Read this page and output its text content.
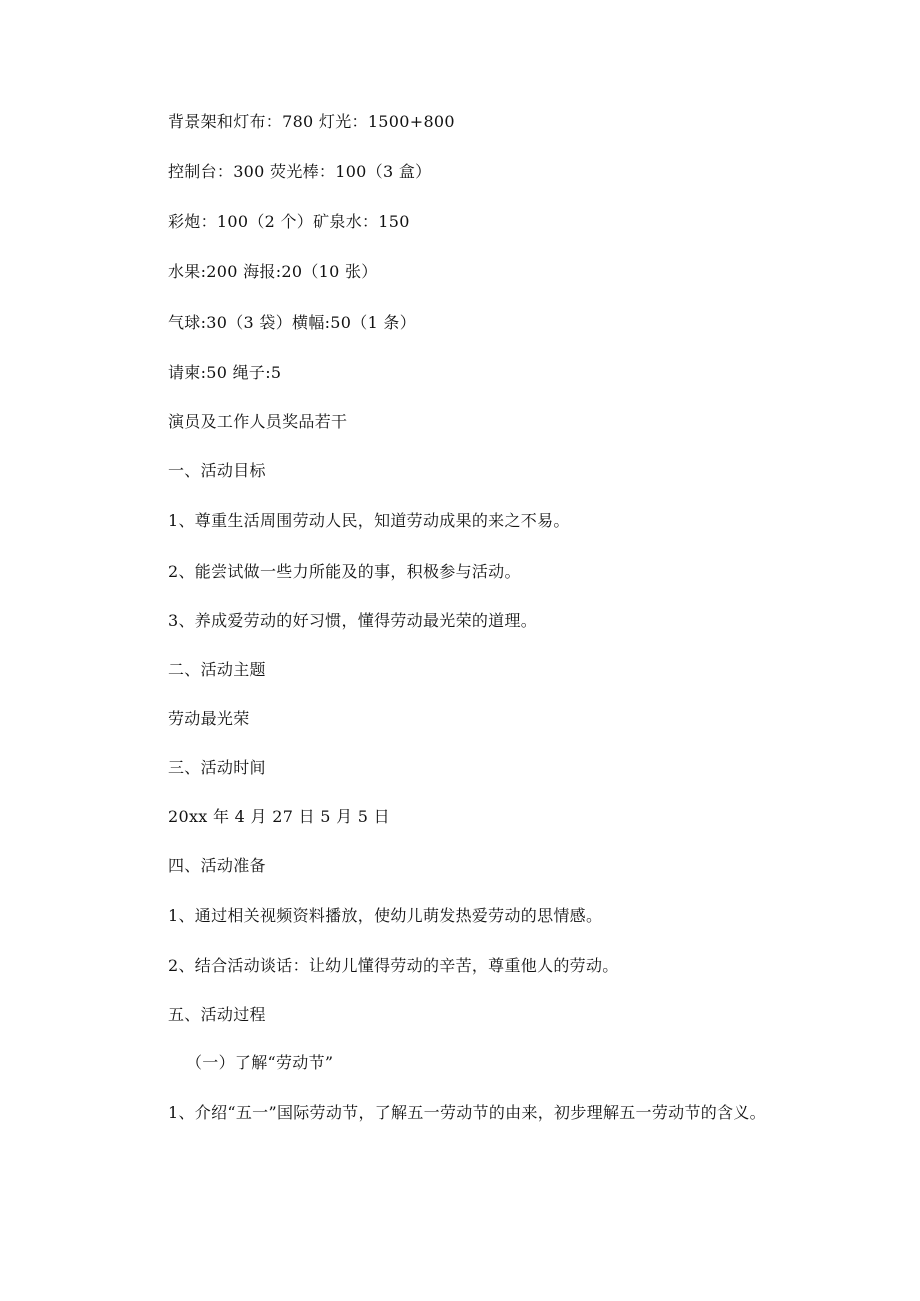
背景架和灯布：780 灯光：1500+800
控制台：300 荧光棒：100（3 盒）
彩炮：100（2 个）矿泉水：150
水果:200 海报:20（10 张）
气球:30（3 袋）横幅:50（1 条）
请柬:50 绳子:5
演员及工作人员奖品若干
一、活动目标
1、尊重生活周围劳动人民，知道劳动成果的来之不易。
2、能尝试做一些力所能及的事，积极参与活动。
3、养成爱劳动的好习惯，懂得劳动最光荣的道理。
二、活动主题
劳动最光荣
三、活动时间
20xx 年 4 月 27 日 5 月 5 日
四、活动准备
1、通过相关视频资料播放，使幼儿萌发热爱劳动的思情感。
2、结合活动谈话：让幼儿懂得劳动的辛苦，尊重他人的劳动。
五、活动过程
（一）了解“劳动节”
1、介绍“五一”国际劳动节，了解五一劳动节的由来，初步理解五一劳动节的含义。
